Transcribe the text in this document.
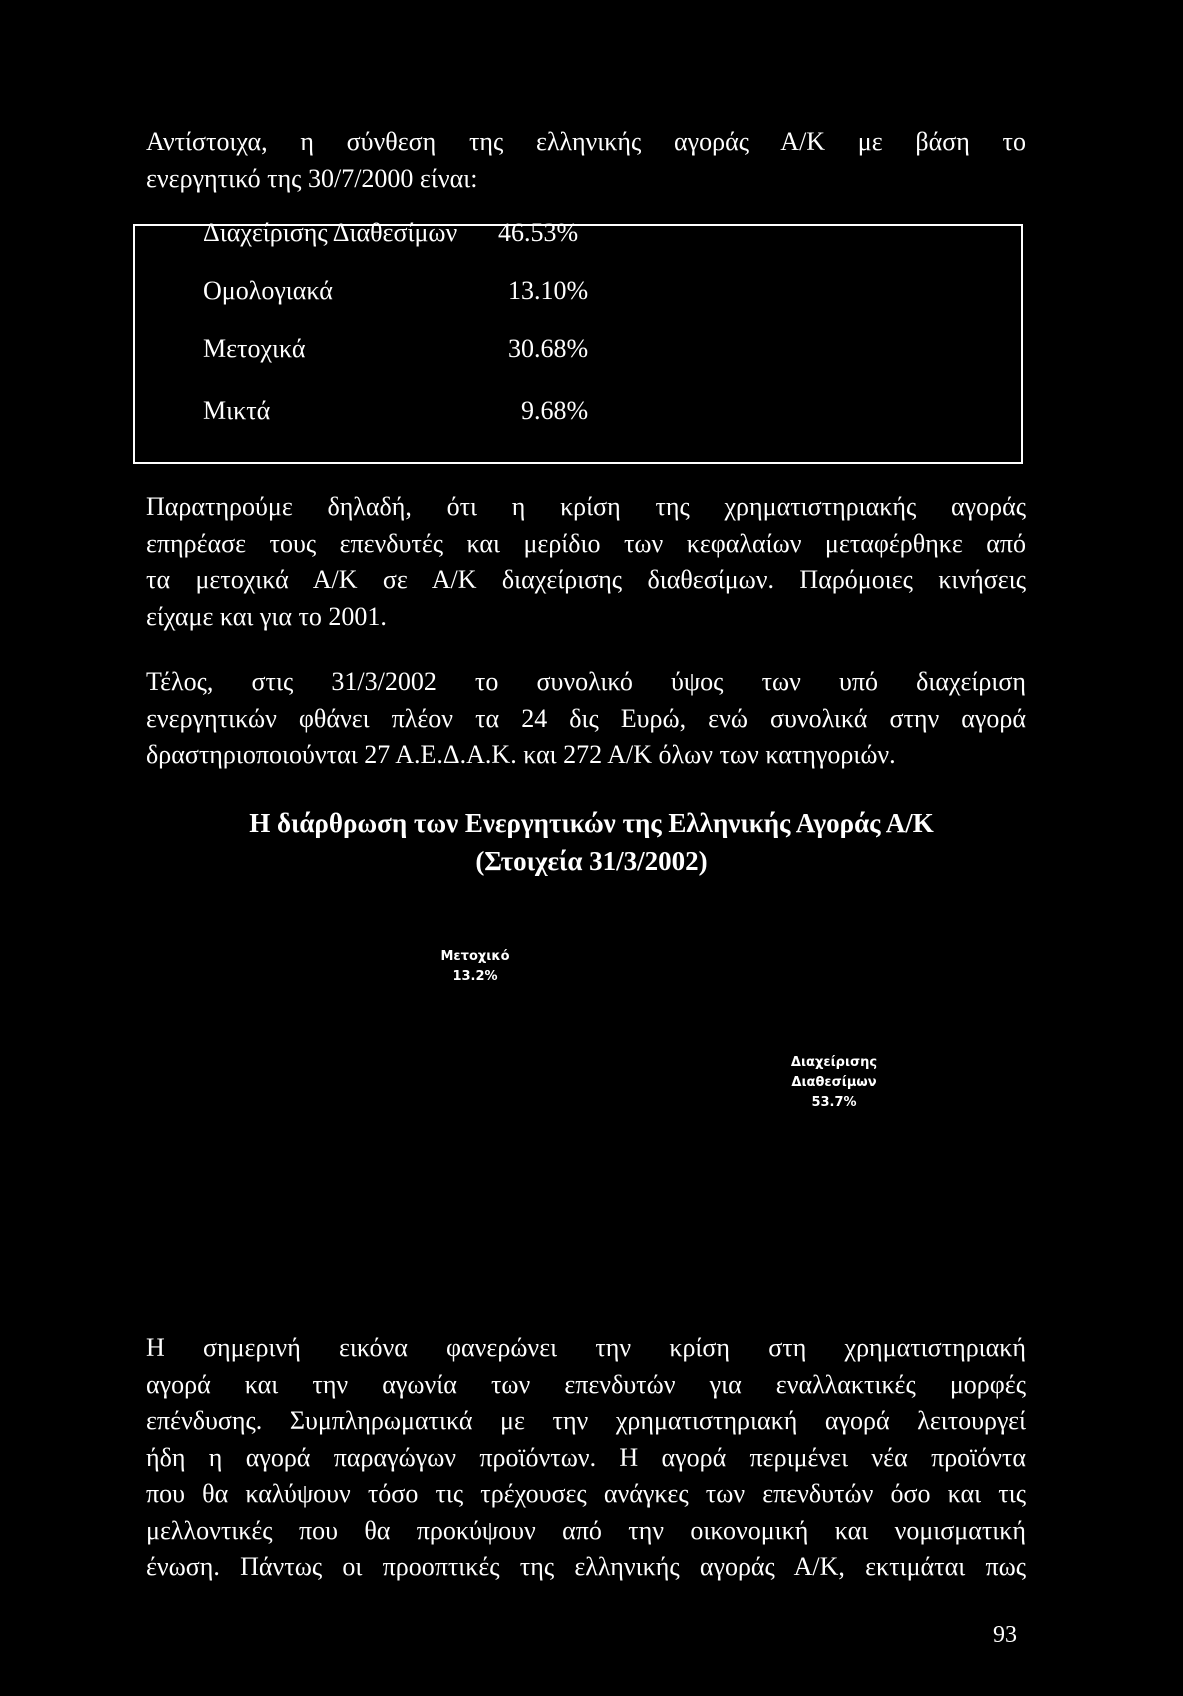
Αντίστοιχα, η σύνθεση της ελληνικής αγοράς Α/Κ με βάση το
ενεργητικό της 30/7/2000 είναι:
Διαχείρισης Διαθεσίμων 46.53%
Ομολογιακά	13.10%
Μετοχικά	30.68%
Μικτά	9.68%
Παρατηρούμε δηλαδή, ότι η κρίση της χρηματιστηριακής αγοράς
επηρέασε τους επενδυτές και μερίδιο των κεφαλαίων μεταφέρθηκε από
τα μετοχικά Α/Κ σε Α/Κ διαχείρισης διαθεσίμων. Παρόμοιες κινήσεις
είχαμε και για το 2001.
Τέλος, στις 31/3/2002 το συνολικό ύψος των υπό διαχείριση
ενεργητικών φθάνει πλέον τα 24 δις Ευρώ, ενώ συνολικά στην αγορά
δραστηριοποιούνται 27 Α.Ε.Δ.Α.Κ. και 272 Α/Κ όλων των κατηγοριών.
Η διάρθρωση των Ενεργητικών της Ελληνικής Αγοράς Α/Κ
(Στοιχεία 31/3/2002)
Μετοχικό
13.2%
Διαχείρισης
Διαθεσίμων
53.7%
Η σημερινή εικόνα φανερώνει την κρίση στη χρηματιστηριακή
αγορά και την αγωνία των επενδυτών για εναλλακτικές μορφές
επένδυσης. Συμπληρωματικά με την χρηματιστηριακή αγορά λειτουργεί
ήδη η αγορά παραγώγων προϊόντων. Η αγορά περιμένει νέα προϊόντα
που θα καλύψουν τόσο τις τρέχουσες ανάγκες των επενδυτών όσο και τις
μελλοντικές που θα προκύψουν από την οικονομική και νομισματική
ένωση. Πάντως οι προοπτικές της ελληνικής αγοράς Α/Κ, εκτιμάται πως
93
